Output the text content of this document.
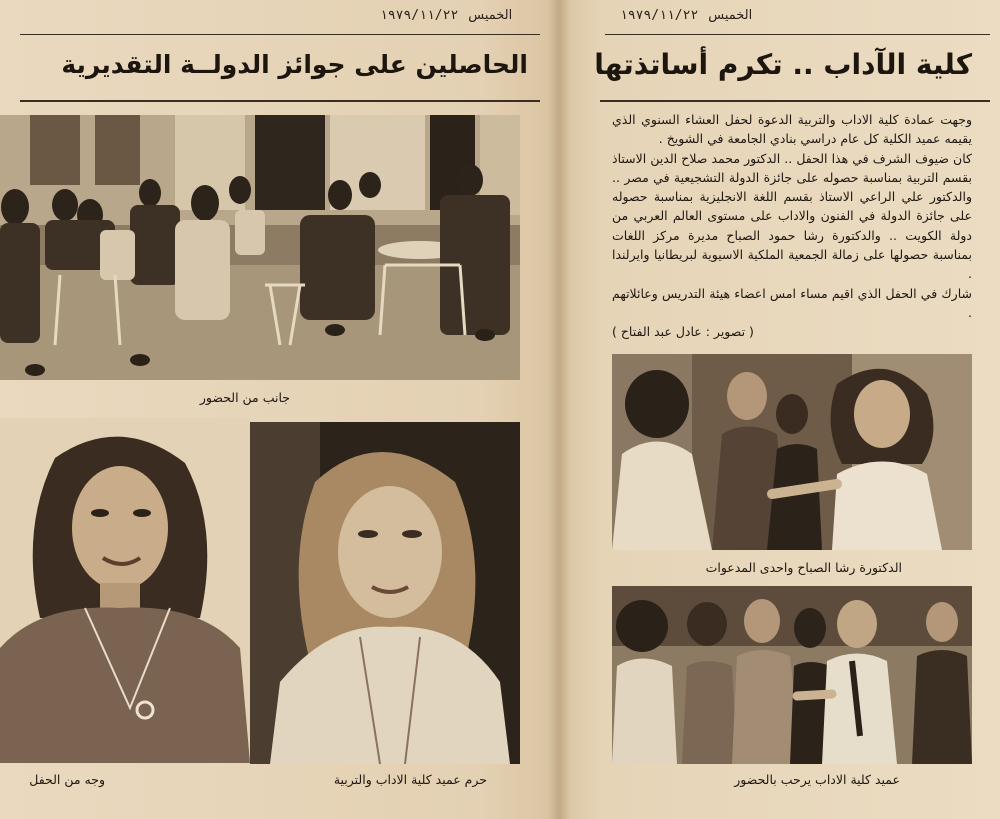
الخميس
١٩٧٩/١١/٢٢
الحاصلين على جوائز الدولــة التقديرية
الخميس
١٩٧٩/١١/٢٢
كلية الآداب .. تكرم أساتذتها

وجهت عمادة كلية الاداب والتربية الدعوة لحفل العشاء السنوي الذي يقيمه عميد الكلية كل عام دراسي بنادي الجامعة في الشويخ .

كان ضيوف الشرف في هذا الحفل .. الدكتور محمد صلاح الدين الاستاذ بقسم التربية بمناسبة حصوله على جائزة الدولة التشجيعية في مصر .. والدكتور علي الراعي الاستاذ بقسم اللغة الانجليزية بمناسبة حصوله على جائزة الدولة في الفنون والاداب على مستوى العالم العربي من دولة الكويت .. والدكتورة رشا حمود الصباح مديرة مركز اللغات بمناسبة حصولها على زمالة الجمعية الملكية الاسيوية لبريطانيا وايرلندا .

شارك في الحفل الذي اقيم مساء امس اعضاء هيئة التدريس وعائلاتهم .

( تصوير : عادل عبد الفتاح )

جانب من الحضور
وجه من الحفل	حرم عميد كلية الاداب والتربية
الدكتورة رشا الصباح واحدى المدعوات
عميد كلية الاداب يرحب بالحضور
